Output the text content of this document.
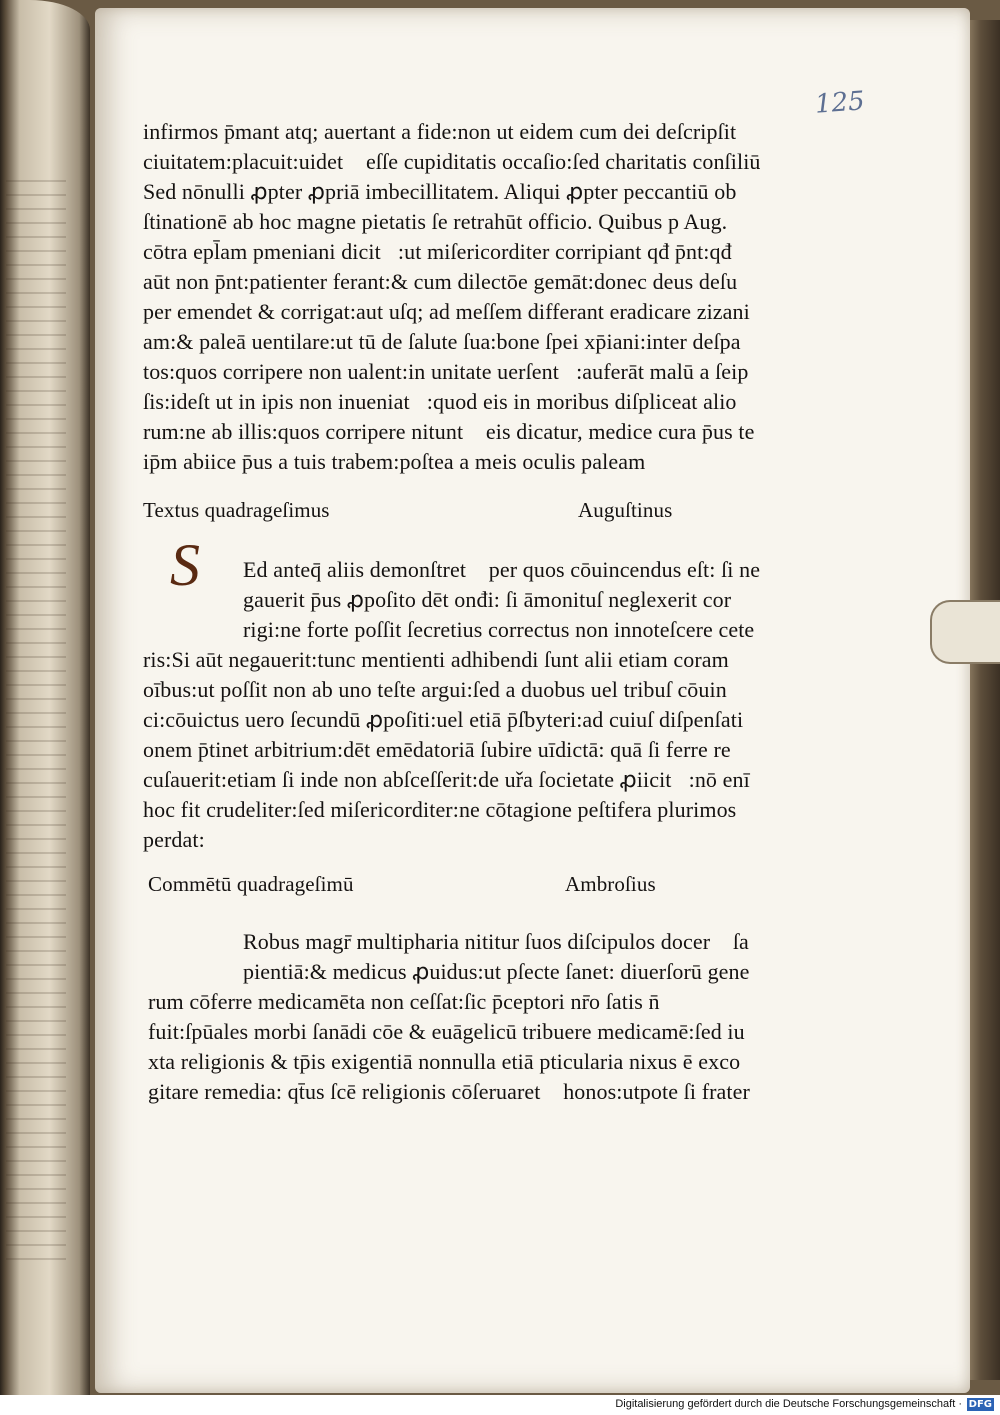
125
infirmos p̄mant atq; auertant a fide:non ut eidem cum dei deſcripſit
ciuitatem:placuit:uidet᷑ eſſe cupiditatis occaſio:ſed charitatis conſiliū
Sed nōnulli ꝓpter ꝓpriā imbecillitatem. Aliqui ꝓpter peccantiū ob
ſtinationē ab hoc magne pietatis ſe retrahūt officio. Quibus p Aug.
cōtra epl̄am pmeniani dicit᷑:ut miſericorditer corripiant qđ p̄nt:qđ
aūt non p̄nt:patienter ferant:& cum dilectōe gemāt:donec deus deſu
per emendet & corrigat:aut uſq; ad meſſem differant eradicare zizani
am:& paleā uentilare:ut tū de ſalute ſua:bone ſpei xp̄iani:inter deſpa
tos:quos corripere non ualent:in unitate uerſent᷑:auferāt malū a ſeip
ſis:ideſt ut in ipis non inueniat᷑:quod eis in moribus diſpliceat alio
rum:ne ab illis:quos corripere nitunt᷑ eis dicatur, medice cura p̄us te
ip̄m abiice p̄us a tuis trabem:poſtea a meis oculis paleam
Textus quadrageſimus	Auguſtinus
Ed anteq̄ aliis demonſtret᷑ per quos cōuincendus eſt: ſi ne
gauerit p̄us ꝓpoſito dēt onđi: ſi āmonituſ neglexerit cor
rigi:ne forte poſſit ſecretius correctus non innoteſcere cete
ris:Si aūt negauerit:tunc mentienti adhibendi ſunt alii etiam coram
oībus:ut poſſit non ab uno teſte argui:ſed a duobus uel tribuſ cōuin
ci:cōuictus uero ſecundū ꝓpoſiti:uel etiā p̄ſbyteri:ad cuiuſ diſpenſati
onem p̄tinet arbitrium:dēt emēdatoriā ſubire uīdictā: quā ſi ferre re
cuſauerit:etiam ſi inde non abſceſſerit:de uřa ſocietate ꝓiicit᷑:nō enī
hoc fit crudeliter:ſed miſericorditer:ne cōtagione peſtifera plurimos
perdat:
Commētū quadrageſimū	Ambroſius
Robus magr̄ multipharia nititur ſuos diſcipulos docer᷑ ſa
pientiā:& medicus ꝓuidus:ut pſecte ſanet: diuerſorū gene
rum cōferre medicamēta non ceſſat:ſic p̄ceptori nr̄o ſatis n̄
fuit:ſpūales morbi ſanādi cōe & euāgelicū tribuere medicamē:ſed iu
xta religionis & tp̄is exigentiā nonnulla etiā pticularia nixus ē exco
gitare remedia: qt̄us ſcē religionis cōſeruaret᷑ honos:utpote ſi frater
S
Digitalisierung gefördert durch die Deutsche Forschungsgemeinschaft · DFG
